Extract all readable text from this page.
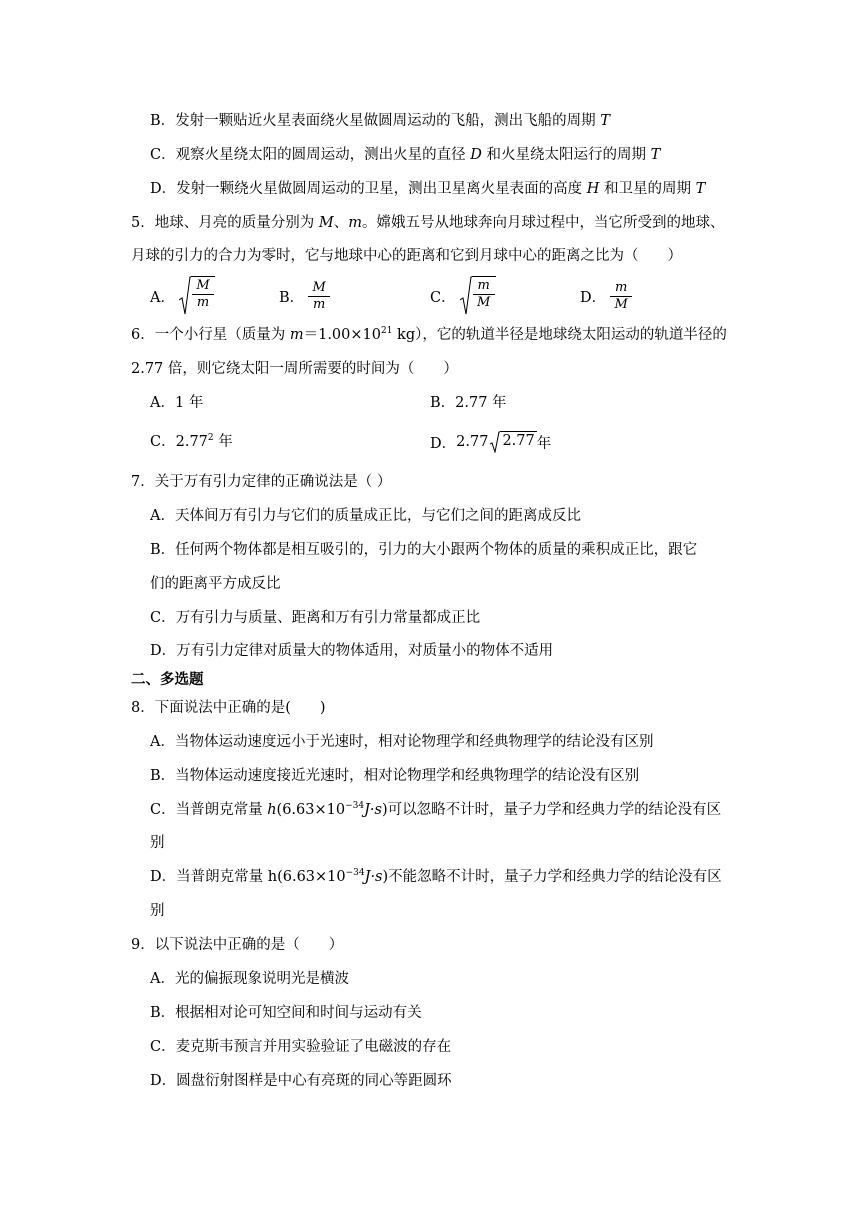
B．发射一颗贴近火星表面绕火星做圆周运动的飞船，测出飞船的周期 T
C．观察火星绕太阳的圆周运动，测出火星的直径 D 和火星绕太阳运行的周期 T
D．发射一颗绕火星做圆周运动的卫星，测出卫星离火星表面的高度 H 和卫星的周期 T
5．地球、月亮的质量分别为 M、m。嫦娥五号从地球奔向月球过程中，当它所受到的地球、
月球的引力的合力为零时，它与地球中心的距离和它到月球中心的距离之比为（　　）
A． $\frac{M}{m}$	B． $\frac{M}{m}$	C． $\frac{m}{M}$	D． $\frac{m}{M}$
6．一个小行星（质量为 $m=1.00\times 10^{21}$ kg），它的轨道半径是地球绕太阳运动的轨道半径的
2.77 倍，则它绕太阳一周所需要的时间为（　　）
A．1 年	B．2.77 年
C．2.77$^2$ 年	D． 2.77 2.77 年
7．关于万有引力定律的正确说法是（ ）
A．天体间万有引力与它们的质量成正比，与它们之间的距离成反比
B．任何两个物体都是相互吸引的，引力的大小跟两个物体的质量的乘积成正比，跟它
们的距离平方成反比
C．万有引力与质量、距离和万有引力常量都成正比
D．万有引力定律对质量大的物体适用，对质量小的物体不适用
二、多选题
8．下面说法中正确的是(　　)
A．当物体运动速度远小于光速时，相对论物理学和经典物理学的结论没有区别
B．当物体运动速度接近光速时，相对论物理学和经典物理学的结论没有区别
C．当普朗克常量 $h(6.63\times 10^{-34}J\cdot s)$可以忽略不计时，量子力学和经典力学的结论没有区
别
D．当普朗克常量 $h(6.63\times 10^{-34}J\cdot s)$不能忽略不计时，量子力学和经典力学的结论没有区
别
9．以下说法中正确的是（　　）
A．光的偏振现象说明光是横波
B．根据相对论可知空间和时间与运动有关
C．麦克斯韦预言并用实验验证了电磁波的存在
D．圆盘衍射图样是中心有亮斑的同心等距圆环
